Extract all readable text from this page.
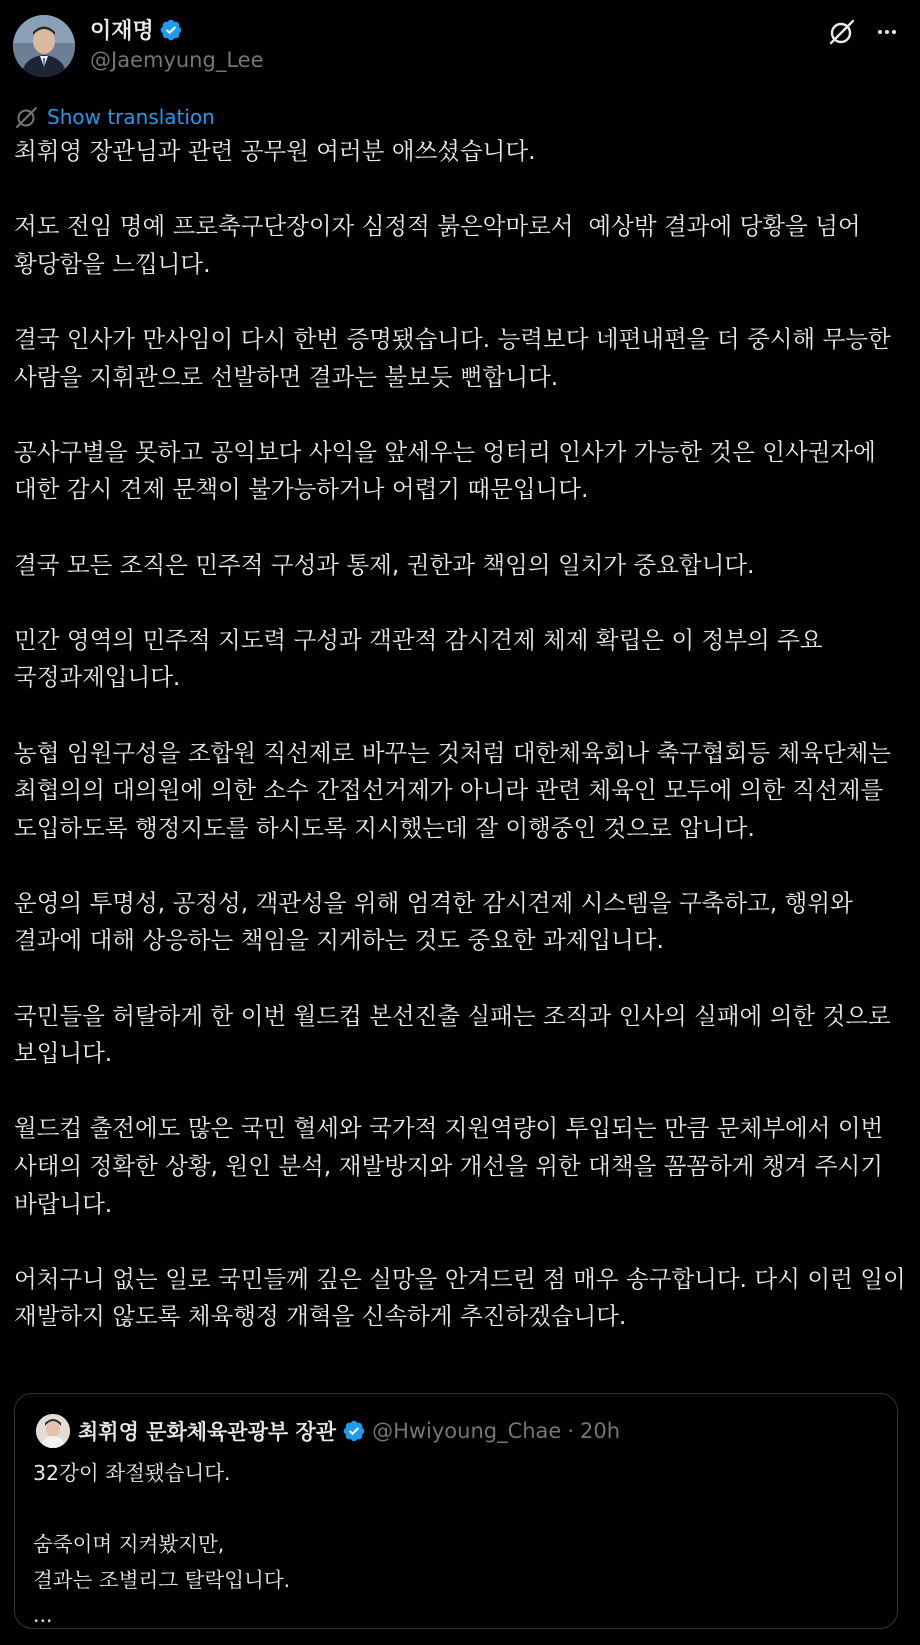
이재명
@Jaemyung_Lee
Show translation

최휘영 장관님과 관련 공무원 여러분 애쓰셨습니다.

저도 전임 명예 프로축구단장이자 심정적 붉은악마로서  예상밖 결과에 당황을 넘어 황당함을 느낍니다.

결국 인사가 만사임이 다시 한번 증명됐습니다. 능력보다 네편내편을 더 중시해 무능한 사람을 지휘관으로 선발하면 결과는 불보듯 뻔합니다.

공사구별을 못하고 공익보다 사익을 앞세우는 엉터리 인사가 가능한 것은 인사권자에 대한 감시 견제 문책이 불가능하거나 어렵기 때문입니다.

결국 모든 조직은 민주적 구성과 통제, 권한과 책임의 일치가 중요합니다.

민간 영역의 민주적 지도력 구성과 객관적 감시견제 체제 확립은 이 정부의 주요 국정과제입니다.

농협 임원구성을 조합원 직선제로 바꾸는 것처럼 대한체육회나 축구협회등 체육단체는 최협의의 대의원에 의한 소수 간접선거제가 아니라 관련 체육인 모두에 의한 직선제를 도입하도록 행정지도를 하시도록 지시했는데 잘 이행중인 것으로 압니다.

운영의 투명성, 공정성, 객관성을 위해 엄격한 감시견제 시스템을 구축하고, 행위와 결과에 대해 상응하는 책임을 지게하는 것도 중요한 과제입니다.

국민들을 허탈하게 한 이번 월드컵 본선진출 실패는 조직과 인사의 실패에 의한 것으로 보입니다.

월드컵 출전에도 많은 국민 혈세와 국가적 지원역량이 투입되는 만큼 문체부에서 이번 사태의 정확한 상황, 원인 분석, 재발방지와 개선을 위한 대책을 꼼꼼하게 챙겨 주시기 바랍니다.

어처구니 없는 일로 국민들께 깊은 실망을 안겨드린 점 매우 송구합니다. 다시 이런 일이 재발하지 않도록 체육행정 개혁을 신속하게 추진하겠습니다.

최휘영 문화체육관광부 장관 @Hwiyoung_Chae · 20h

32강이 좌절됐습니다.

숨죽이며 지켜봤지만,
결과는 조별리그 탈락입니다.
...
